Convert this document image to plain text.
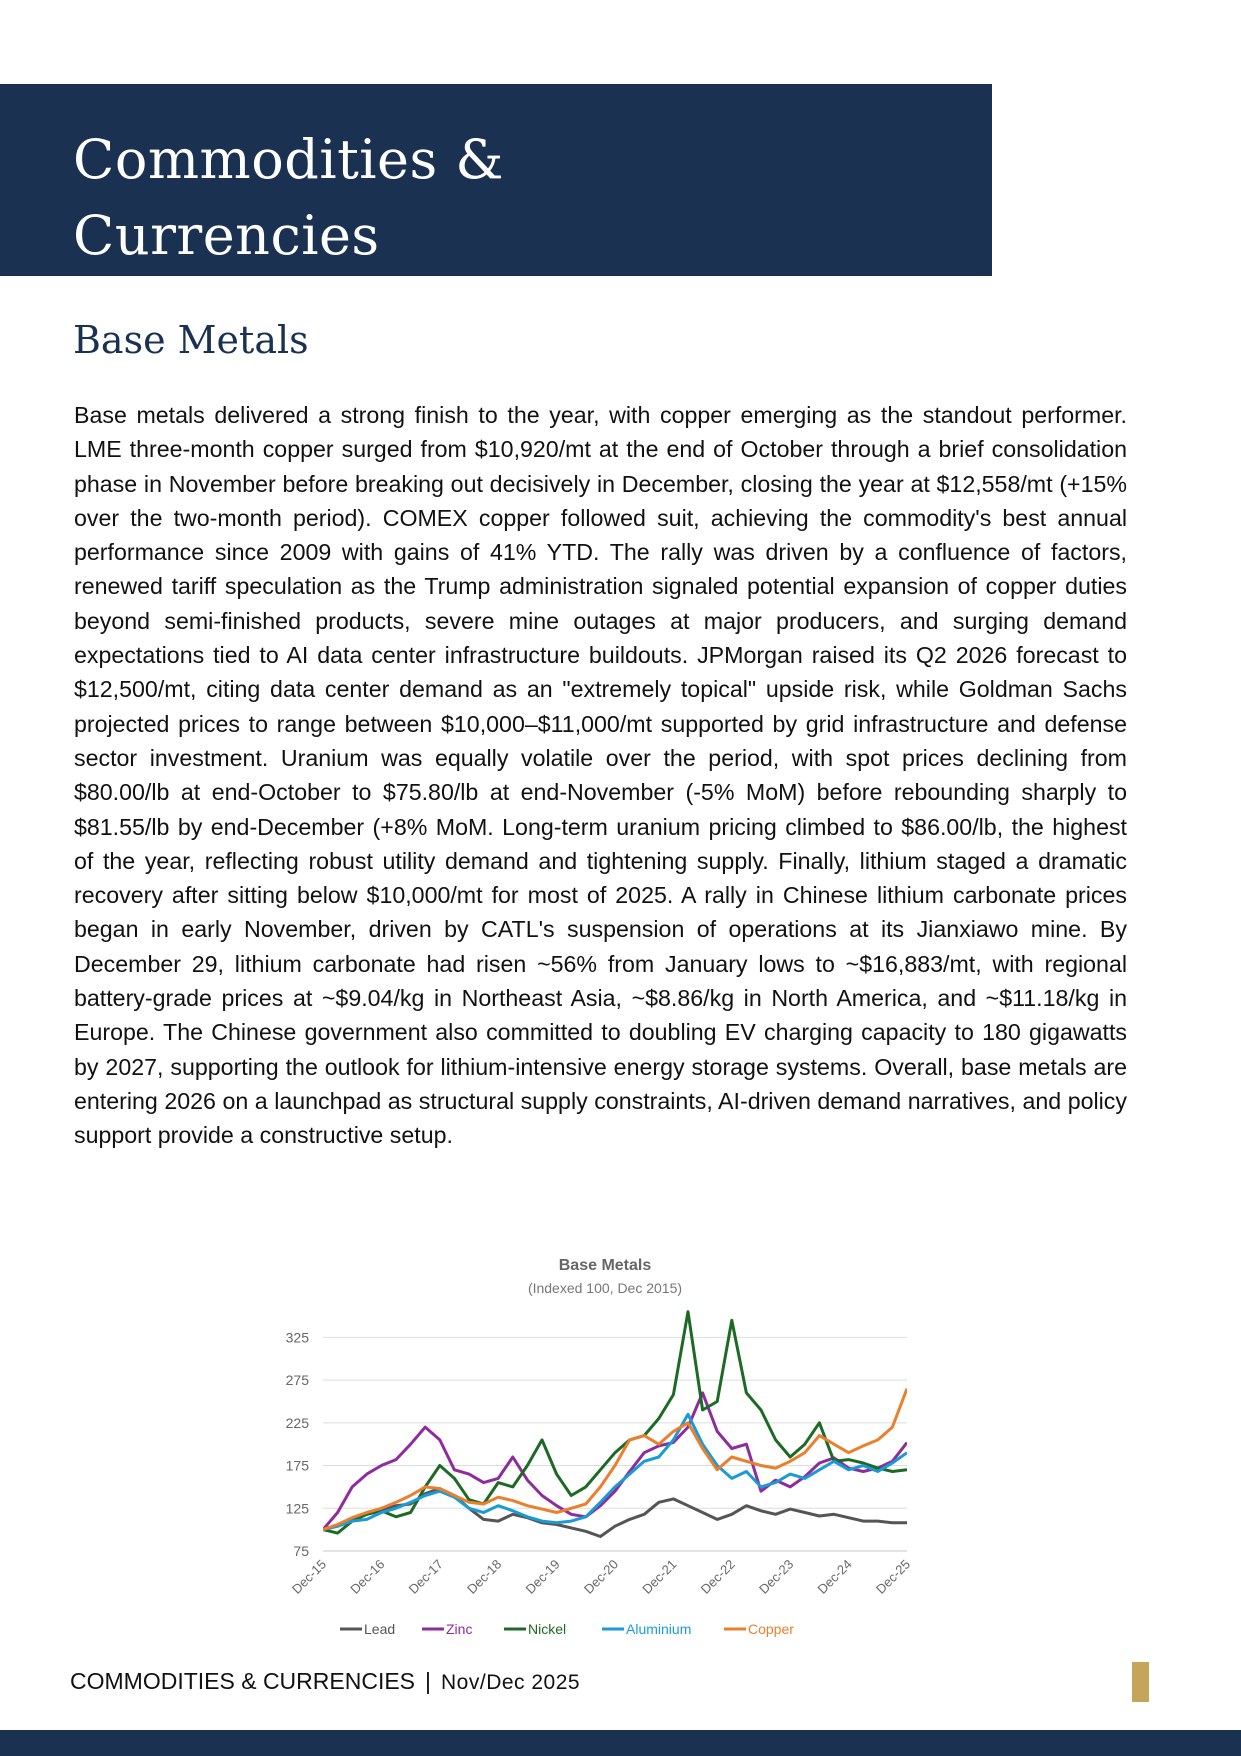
Commodities &
Currencies
Base Metals

Base metals delivered a strong finish to the year, with copper emerging as the standout performer. LME three-month copper surged from $10,920/mt at the end of October through a brief consolidation phase in November before breaking out decisively in December, closing the year at $12,558/mt (+15% over the two-month period). COMEX copper followed suit, achieving the commodity's best annual performance since 2009 with gains of 41% YTD. The rally was driven by a confluence of factors, renewed tariff speculation as the Trump administration signaled potential expansion of copper duties beyond semi-finished products, severe mine outages at major producers, and surging demand expectations tied to AI data center infrastructure buildouts. JPMorgan raised its Q2 2026 forecast to $12,500/mt, citing data center demand as an "extremely topical" upside risk, while Goldman Sachs projected prices to range between $10,000–$11,000/mt supported by grid infrastructure and defense sector investment. Uranium was equally volatile over the period, with spot prices declining from $80.00/lb at end-October to $75.80/lb at end-November (-5% MoM) before rebounding sharply to $81.55/lb by end-December (+8% MoM. Long-term uranium pricing climbed to $86.00/lb, the highest of the year, reflecting robust utility demand and tightening supply. Finally, lithium staged a dramatic recovery after sitting below $10,000/mt for most of 2025. A rally in Chinese lithium carbonate prices began in early November, driven by CATL's suspension of operations at its Jianxiawo mine. By December 29, lithium carbonate had risen ~56% from January lows to ~$16,883/mt, with regional battery-grade prices at ~$9.04/kg in Northeast Asia, ~$8.86/kg in North America, and ~$11.18/kg in Europe. The Chinese government also committed to doubling EV charging capacity to 180 gigawatts by 2027, supporting the outlook for lithium-intensive energy storage systems. Overall, base metals are entering 2026 on a launchpad as structural supply constraints, AI-driven demand narratives, and policy support provide a constructive setup.

Base Metals
(Indexed 100, Dec 2015)
75
125
175
225
275
325
Dec-15 Dec-16 Dec-17 Dec-18 Dec-19 Dec-20 Dec-21 Dec-22 Dec-23 Dec-24 Dec-25
Lead	Zinc	Nickel	Aluminium	Copper
COMMODITIES & CURRENCIES | Nov/Dec 2025
